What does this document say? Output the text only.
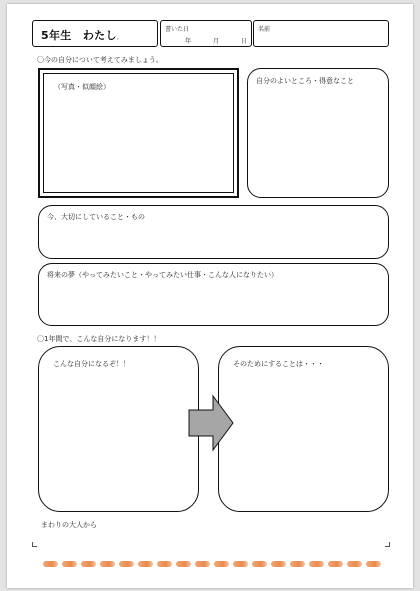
5年生　わたし。
書いた日
年	月	日
名前
〇今の自分について考えてみましょう。
（写真・似顔絵）
自分のよいところ・得意なこと
今、大切にしていること・もの
将来の夢（やってみたいこと・やってみたい仕事・こんな人になりたい）
〇1年間で、こんな自分になります！！
こんな自分になるぞ！！	そのためにすることは・・・
まわりの大人から
